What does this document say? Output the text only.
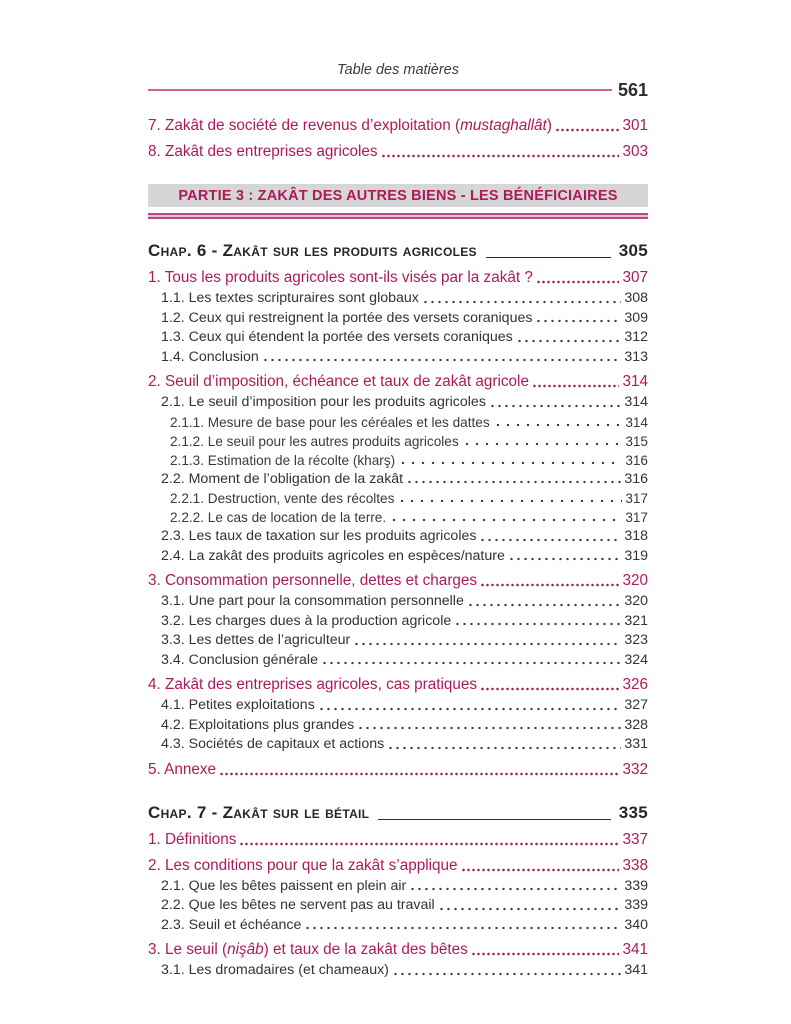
Table des matières
561
7. Zakât de société de revenus d’exploitation (mustaghallât)	301
8. Zakât des entreprises agricoles	303
PARTIE 3 : ZAKÂT DES AUTRES BIENS - LES BÉNÉFICIAIRES
Chap. 6 - Zakât sur les produits agricoles	305
1. Tous les produits agricoles sont-ils visés par la zakât ?	307
1.1. Les textes scripturaires sont globaux	308
1.2. Ceux qui restreignent la portée des versets coraniques	309
1.3. Ceux qui étendent la portée des versets coraniques	312
1.4. Conclusion	313
2. Seuil d’imposition, échéance et taux de zakât agricole	314
2.1. Le seuil d’imposition pour les produits agricoles	314
2.1.1. Mesure de base pour les céréales et les dattes	314
2.1.2. Le seuil pour les autres produits agricoles	315
2.1.3. Estimation de la récolte (kharş)	316
2.2. Moment de l’obligation de la zakât	316
2.2.1. Destruction, vente des récoltes	317
2.2.2. Le cas de location de la terre.	317
2.3. Les taux de taxation sur les produits agricoles	318
2.4. La zakât des produits agricoles en espèces/nature	319
3. Consommation personnelle, dettes et charges	320
3.1. Une part pour la consommation personnelle	320
3.2. Les charges dues à la production agricole	321
3.3. Les dettes de l’agriculteur	323
3.4. Conclusion générale	324
4. Zakât des entreprises agricoles, cas pratiques	326
4.1. Petites exploitations	327
4.2. Exploitations plus grandes	328
4.3. Sociétés de capitaux et actions	331
5. Annexe	332
Chap. 7 - Zakât sur le bétail	335
1. Définitions	337
2. Les conditions pour que la zakât s’applique	338
2.1. Que les bêtes paissent en plein air	339
2.2. Que les bêtes ne servent pas au travail	339
2.3. Seuil et échéance	340
3. Le seuil (nişâb) et taux de la zakât des bêtes	341
3.1. Les dromadaires (et chameaux)	341
